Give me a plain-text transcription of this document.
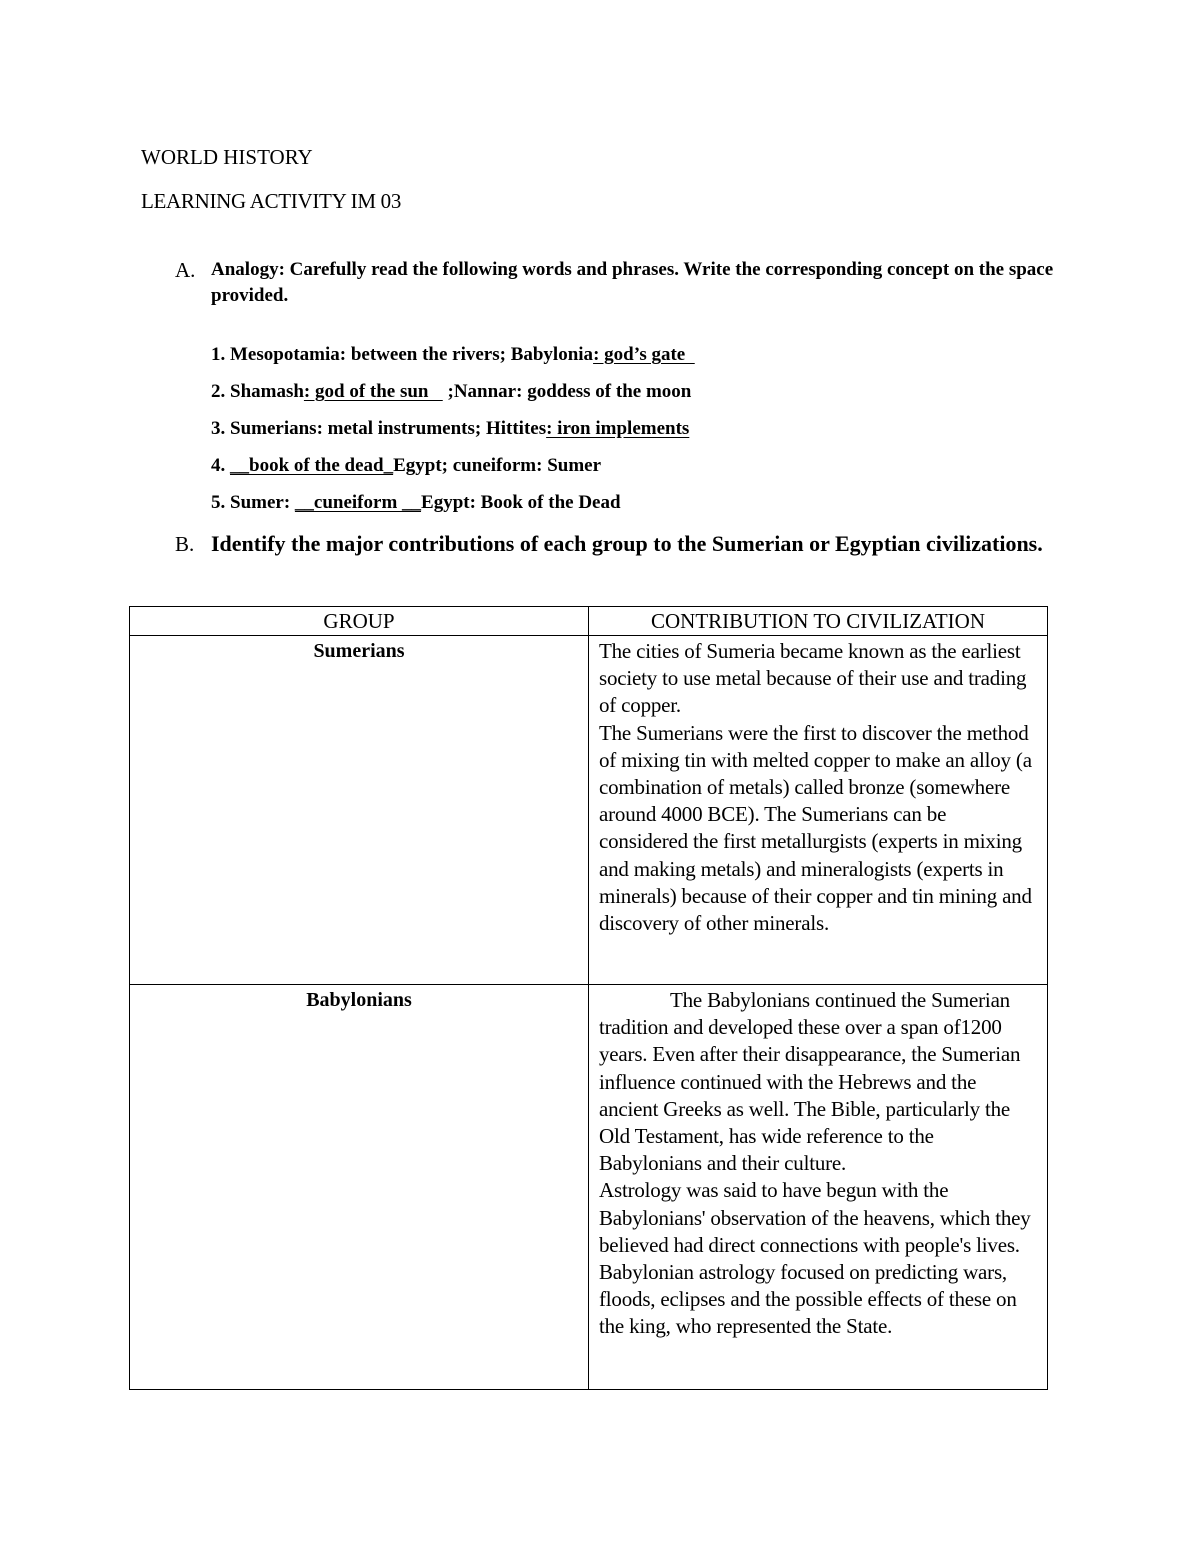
WORLD HISTORY
LEARNING ACTIVITY IM 03
A. Analogy: Carefully read the following words and phrases. Write the corresponding concept on the space provided.
1. Mesopotamia: between the rivers; Babylonia: god’s gate
2. Shamash: god of the sun    ;Nannar: goddess of the moon
3. Sumerians: metal instruments; Hittites: iron implements
4. __book of the dead_Egypt; cuneiform: Sumer
5. Sumer: __cuneiform __Egypt: Book of the Dead
B. Identify the major contributions of each group to the Sumerian or Egyptian civilizations.
GROUP	CONTRIBUTION TO CIVILIZATION

Sumerians	The cities of Sumeria became known as the earliest society to use metal because of their use and trading of copper.

The Sumerians were the first to discover the method of mixing tin with melted copper to make an alloy (a combination of metals) called bronze (somewhere around 4000 BCE). The Sumerians can be considered the first metallurgists (experts in mixing and making metals) and mineralogists (experts in minerals) because of their copper and tin mining and discovery of other minerals.

Babylonians	The Babylonians continued the Sumerian tradition and developed these over a span of1200 years. Even after their disappearance, the Sumerian influence continued with the Hebrews and the ancient Greeks as well. The Bible, particularly the Old Testament, has wide reference to the Babylonians and their culture.

Astrology was said to have begun with the Babylonians' observation of the heavens, which they believed had direct connections with people's lives. Babylonian astrology focused on predicting wars, floods, eclipses and the possible effects of these on the king, who represented the State.
